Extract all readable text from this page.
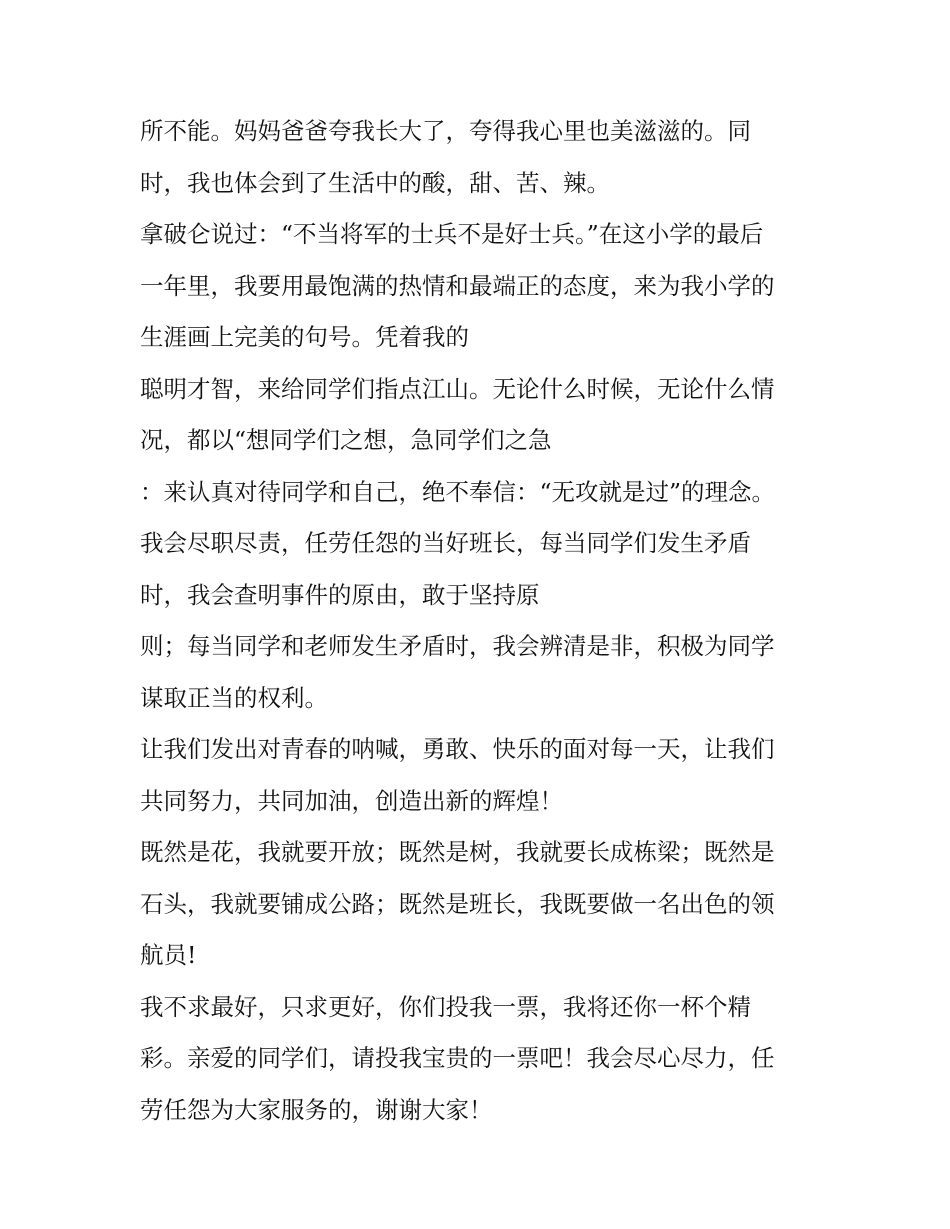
所不能。妈妈爸爸夸我长大了，夸得我心里也美滋滋的。同
时，我也体会到了生活中的酸，甜、苦、辣。
拿破仑说过：“不当将军的士兵不是好士兵。”在这小学的最后
一年里，我要用最饱满的热情和最端正的态度，来为我小学的
生涯画上完美的句号。凭着我的
聪明才智，来给同学们指点江山。无论什么时候，无论什么情
况，都以“想同学们之想，急同学们之急
：来认真对待同学和自己，绝不奉信：“无攻就是过”的理念。
我会尽职尽责，任劳任怨的当好班长，每当同学们发生矛盾
时，我会查明事件的原由，敢于坚持原
则；每当同学和老师发生矛盾时，我会辨清是非，积极为同学
谋取正当的权利。
让我们发出对青春的呐喊，勇敢、快乐的面对每一天，让我们
共同努力，共同加油，创造出新的辉煌！
既然是花，我就要开放；既然是树，我就要长成栋梁；既然是
石头，我就要铺成公路；既然是班长，我既要做一名出色的领
航员!
我不求最好，只求更好，你们投我一票，我将还你一杯个精
彩。亲爱的同学们，请投我宝贵的一票吧！我会尽心尽力，任
劳任怨为大家服务的，谢谢大家！
